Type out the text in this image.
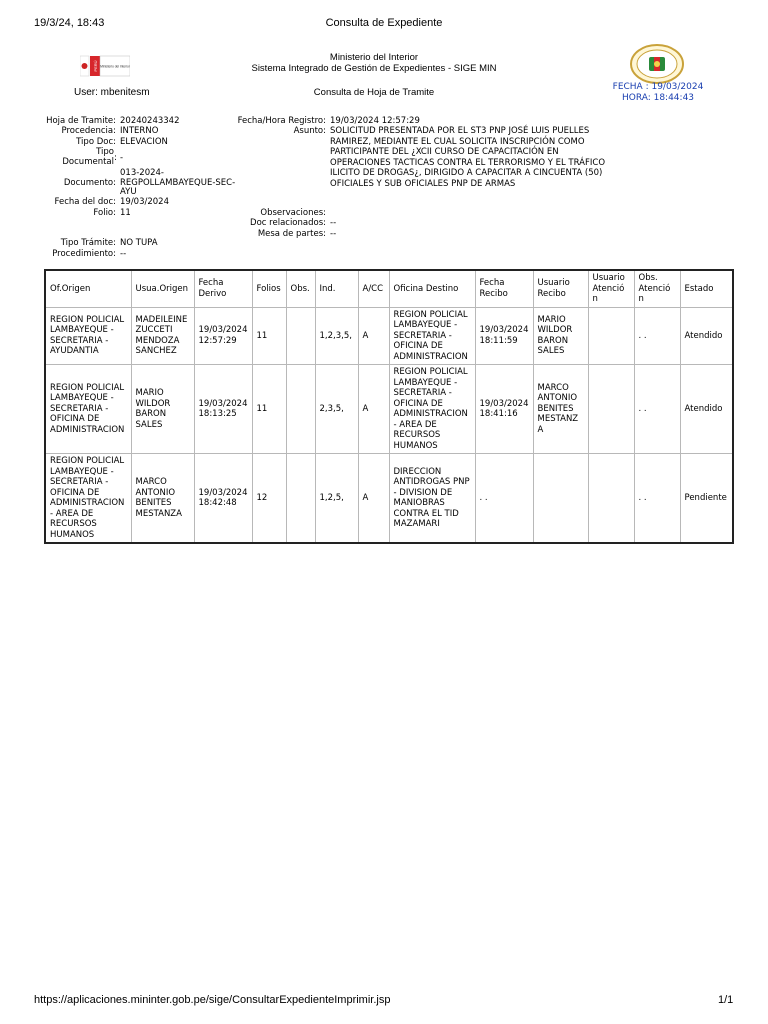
19/3/24, 18:43	Consulta de Expediente
PERÚ Ministerio del Interior
User: mbenitesm
Ministerio del Interior
Sistema Integrado de Gestión de Expedientes - SIGE MIN
Consulta de Hoja de Tramite	FECHA : 19/03/2024
HORA: 18:44:43
Hoja de Tramite: 20240243342
Procedencia: INTERNO
Tipo Doc: ELEVACION
Tipo
Documental : -
013-2024-
Documento: REGPOLLAMBAYEQUE-SEC-
AYU
Fecha del doc: 19/03/2024
Folio: 11
Tipo Trámite: NO TUPA
Procedimiento: --
Fecha/Hora Registro: 19/03/2024 12:57:29
Asunto: SOLICITUD PRESENTADA POR EL ST3 PNP JOSÉ LUIS PUELLES
RAMIREZ, MEDIANTE EL CUAL SOLICITA INSCRIPCIÓN COMO
PARTICIPANTE DEL ¿XCII CURSO DE CAPACITACIÓN EN
OPERACIONES TACTICAS CONTRA EL TERRORISMO Y EL TRÁFICO
ILICITO DE DROGAS¿, DIRIGIDO A CAPACITAR A CINCUENTA (50)
OFICIALES Y SUB OFICIALES PNP DE ARMAS
Observaciones:
Doc relacionados: --
Mesa de partes: --
Of.Origen	Usua.Origen	Fecha Derivo	Folios	Obs.	Ind.	A/CC	Oficina Destino	Fecha Recibo	Usuario Recibo	Usuario Atención	Obs. Atención	Estado
REGION POLICIAL LAMBAYEQUE - SECRETARIA - AYUDANTIA	MADEILEINE ZUCCETI MENDOZA SANCHEZ	19/03/2024 12:57:29	11		1,2,3,5,	A	REGION POLICIAL LAMBAYEQUE - SECRETARIA - OFICINA DE ADMINISTRACION	19/03/2024 18:11:59	MARIO WILDOR BARON SALES		. .	Atendido
REGION POLICIAL LAMBAYEQUE - SECRETARIA - OFICINA DE ADMINISTRACION	MARIO WILDOR BARON SALES	19/03/2024 18:13:25	11		2,3,5,	A	REGION POLICIAL LAMBAYEQUE - SECRETARIA - OFICINA DE ADMINISTRACION - AREA DE RECURSOS HUMANOS	19/03/2024 18:41:16	MARCO ANTONIO BENITES MESTANZA		. .	Atendido
REGION POLICIAL LAMBAYEQUE - SECRETARIA - OFICINA DE ADMINISTRACION - AREA DE RECURSOS HUMANOS	MARCO ANTONIO BENITES MESTANZA	19/03/2024 18:42:48	12		1,2,5,	A	DIRECCION ANTIDROGAS PNP - DIVISION DE MANIOBRAS CONTRA EL TID MAZAMARI	. .			. .	Pendiente
https://aplicaciones.mininter.gob.pe/sige/ConsultarExpedienteImprimir.jsp	1/1
